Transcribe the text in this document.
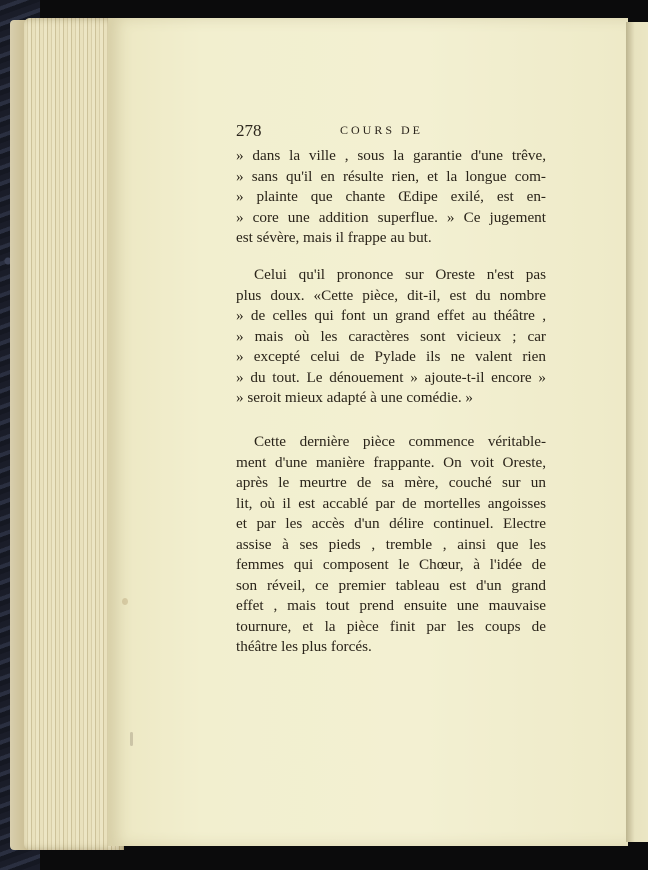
278	COURS DE
» dans la ville , sous la garantie d'une trêve,
» sans qu'il en résulte rien, et la longue com-
» plainte que chante Œdipe exilé, est en-
» core une addition superflue. » Ce jugement
est sévère, mais il frappe au but.
Celui qu'il prononce sur Oreste n'est pas
plus doux. «Cette pièce, dit-il, est du nombre
» de celles qui font un grand effet au théâtre ,
» mais où les caractères sont vicieux ; car
» excepté celui de Pylade ils ne valent rien
» du tout. Le dénouement » ajoute-t-il encore »
» seroit mieux adapté à une comédie. »
Cette dernière pièce commence véritable-
ment d'une manière frappante. On voit Oreste,
après le meurtre de sa mère, couché sur un
lit, où il est accablé par de mortelles angoisses
et par les accès d'un délire continuel. Electre
assise à ses pieds , tremble , ainsi que les
femmes qui composent le Chœur, à l'idée de
son réveil, ce premier tableau est d'un grand
effet , mais tout prend ensuite une mauvaise
tournure, et la pièce finit par les coups de
théâtre les plus forcés.
